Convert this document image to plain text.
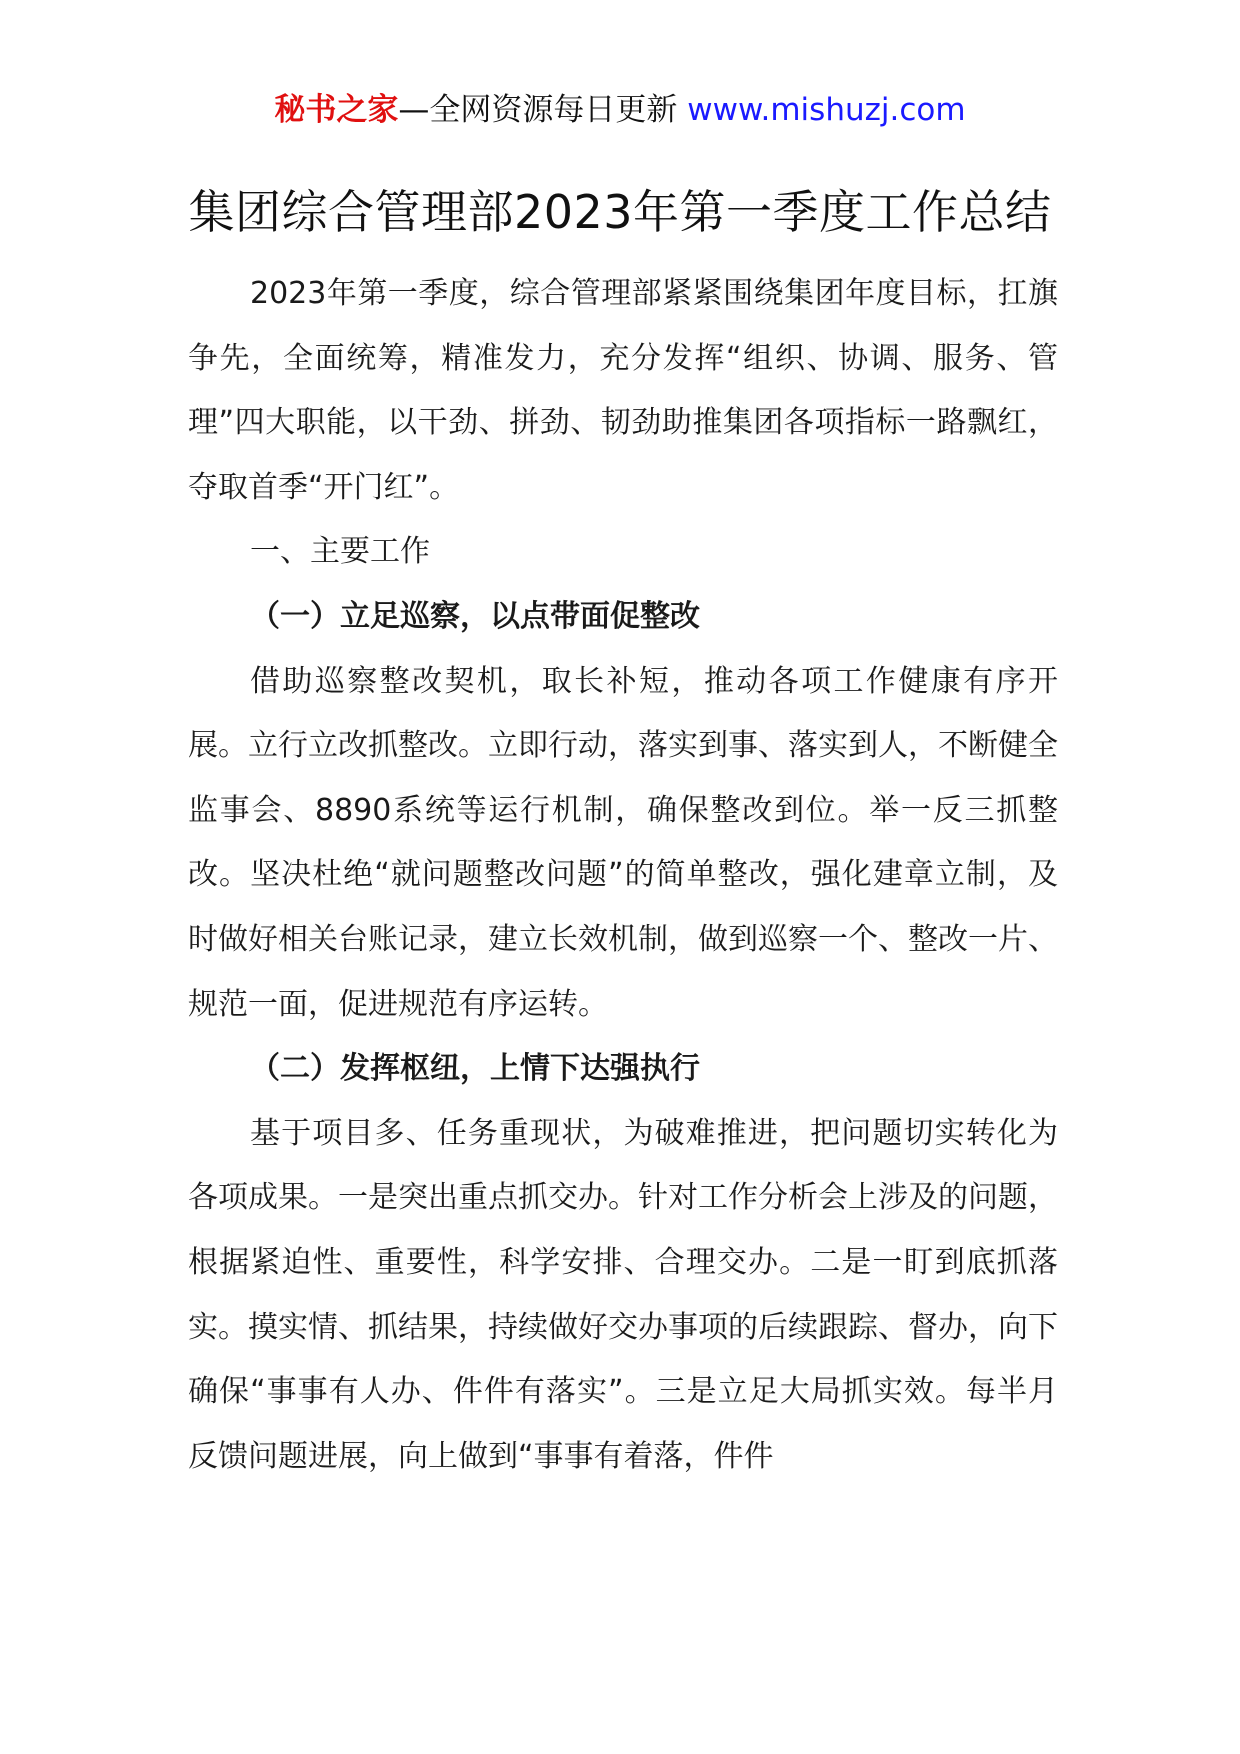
秘书之家—全网资源每日更新 www.mishuzj.com
集团综合管理部2023年第一季度工作总结

2023年第一季度，综合管理部紧紧围绕集团年度目标，扛旗争先，全面统筹，精准发力，充分发挥“组织、协调、服务、管理”四大职能，以干劲、拼劲、韧劲助推集团各项指标一路飘红，夺取首季“开门红”。

一、主要工作
（一）立足巡察，以点带面促整改

借助巡察整改契机，取长补短，推动各项工作健康有序开展。立行立改抓整改。立即行动，落实到事、落实到人，不断健全监事会、8890系统等运行机制，确保整改到位。举一反三抓整改。坚决杜绝“就问题整改问题”的简单整改，强化建章立制，及时做好相关台账记录，建立长效机制，做到巡察一个、整改一片、规范一面，促进规范有序运转。

（二）发挥枢纽，上情下达强执行

基于项目多、任务重现状，为破难推进，把问题切实转化为各项成果。一是突出重点抓交办。针对工作分析会上涉及的问题，根据紧迫性、重要性，科学安排、合理交办。二是一盯到底抓落实。摸实情、抓结果，持续做好交办事项的后续跟踪、督办，向下确保“事事有人办、件件有落实”。三是立足大局抓实效。每半月反馈问题进展，向上做到“事事有着落，件件
